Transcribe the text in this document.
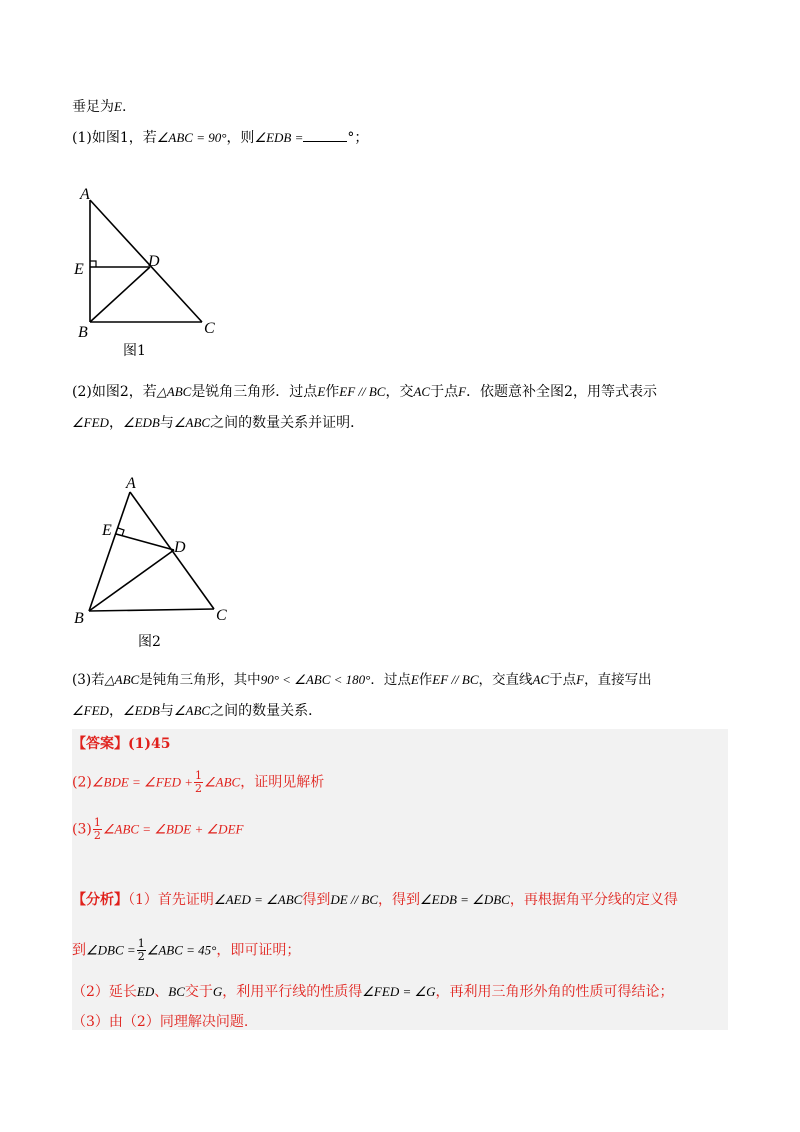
垂足为E.
(1)如图1，若∠ABC = 90°，则∠EDB =	°；
A
E	D
B	C
图1
(2)如图2，若△ABC是锐角三角形．过点E作EF // BC，交AC于点F．依题意补全图2，用等式表示
∠FED，∠EDB与∠ABC之间的数量关系并证明．
A
E
D
B	C
图2
(3)若△ABC是钝角三角形，其中90° < ∠ABC < 180°．过点E作EF // BC，交直线AC于点F，直接写出
∠FED，∠EDB与∠ABC之间的数量关系．
【答案】(1)45
(2)∠BDE = ∠FED + $\frac{1}{2}$ ∠ABC，证明见解析
$(3) \frac{1}{2}$ ∠ABC = ∠BDE + ∠DEF
【分析】（1）首先证明∠AED = ∠ABC得到DE // BC，得到∠EDB = ∠DBC，再根据角平分线的定义得
到∠DBC = $\frac{1}{2}$ ∠ABC = 45°，即可证明；
（2）延长ED、BC交于G，利用平行线的性质得∠FED = ∠G，再利用三角形外角的性质可得结论；
（3）由（2）同理解决问题.
